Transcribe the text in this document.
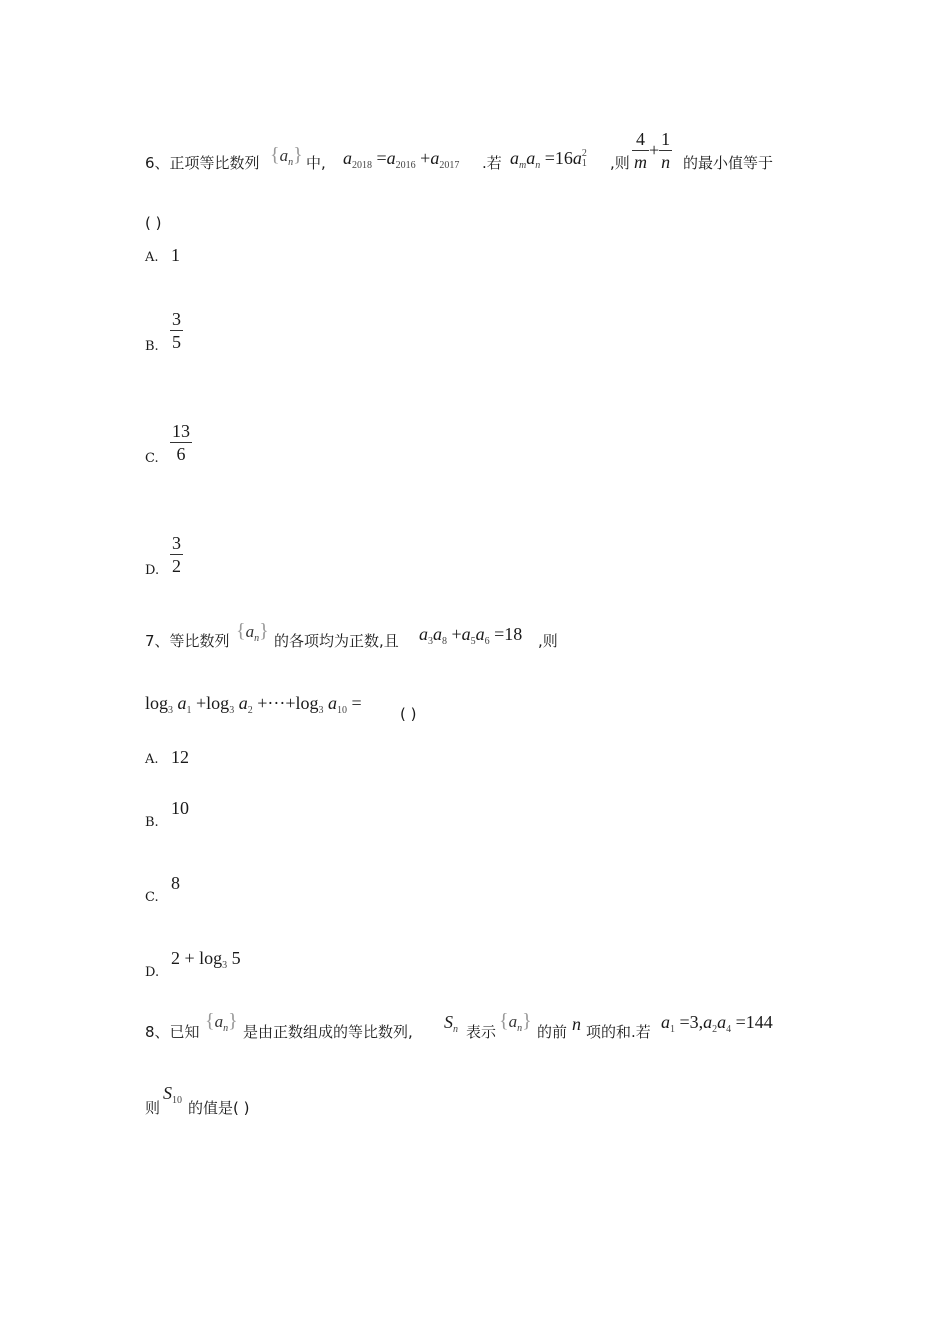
6、正项等比数列 $\{a_n\}$ 中, $a_{2018} =a_{2016} +a_{2017}$ .若 $a_ma_n =16a$ 2
1 ,则 $\frac{4}{m} + \frac{1}{n}$ 的最小值等于
( )
A. 1
B. $\frac{3}{5}$
C. $\frac{13}{6}$
D. $\frac{3}{2}$
7、等比数列 $\{a_n\}$ 的各项均为正数,且 $a_3a_8 +a_5a_6 =18$ ,则
$\log_3 a_1 +\log_3$ $a_2 +\cdot\cdot\cdot+\log_3$ $a_{10}$ =
( )
A. 12
B.
10
C.
8
D.
$2 + \log_3 5$
8、已知 $\{a_n\}$ 是由正数组成的等比数列, $S_n$ 表示 $\{a_n\}$ 的前 n 项的和.若 $a_1 =3,a_2a_4 =144$
则
$S_{10}$ 的值是( )
